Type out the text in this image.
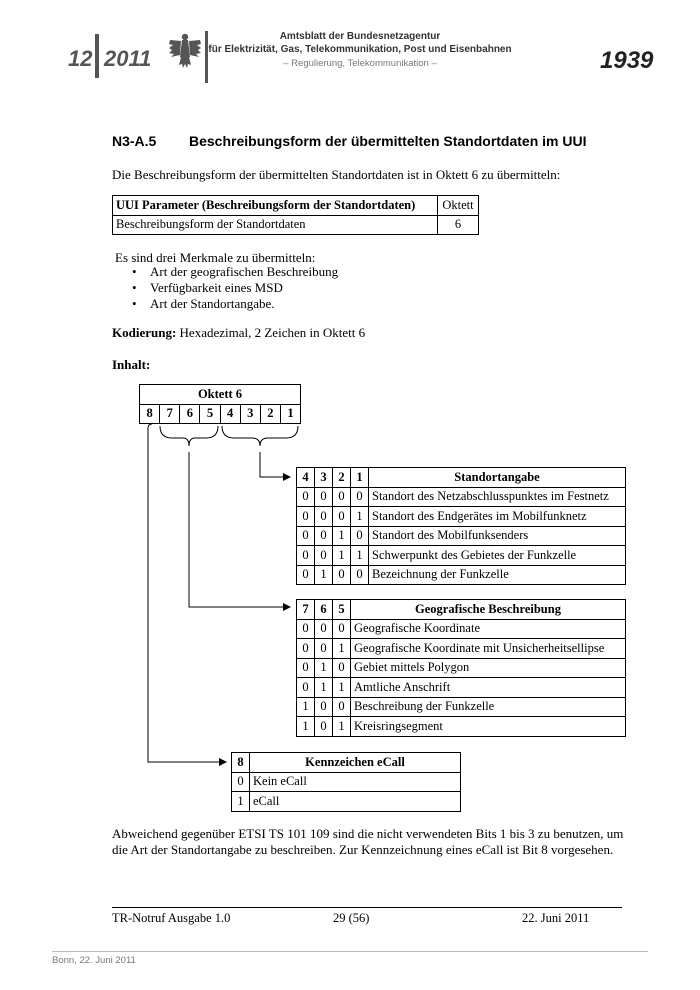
12 2011
Amtsblatt der Bundesnetzagentur
für Elektrizität, Gas, Telekommunikation, Post und Eisenbahnen
– Regulierung, Telekommunikation –	1939
N3-A.5 Beschreibungsform der übermittelten Standortdaten im UUI
Die Beschreibungsform der übermittelten Standortdaten ist in Oktett 6 zu übermitteln:
UUI Parameter (Beschreibungsform der Standortdaten)	Oktett
Beschreibungsform der Standortdaten	6
Es sind drei Merkmale zu übermitteln:
• Art der geografischen Beschreibung
• Verfügbarkeit eines MSD
• Art der Standortangabe.
Kodierung: Hexadezimal, 2 Zeichen in Oktett 6
Inhalt:
Oktett 6
8	7	6	5	4	3	2	1
4	3	2	1	Standortangabe
0	0	0	0	Standort des Netzabschlusspunktes im Festnetz
0	0	0	1	Standort des Endgerätes im Mobilfunknetz
0	0	1	0	Standort des Mobilfunksenders
0	0	1	1	Schwerpunkt des Gebietes der Funkzelle
0	1	0	0	Bezeichnung der Funkzelle
7	6	5	Geografische Beschreibung
0	0	0	Geografische Koordinate
0	0	1	Geografische Koordinate mit Unsicherheitsellipse
0	1	0	Gebiet mittels Polygon
0	1	1	Amtliche Anschrift
1	0	0	Beschreibung der Funkzelle
1	0	1	Kreisringsegment
8	Kennzeichen eCall
0	Kein eCall
1	eCall
Abweichend gegenüber ETSI TS 101 109 sind die nicht verwendeten Bits 1 bis 3 zu benutzen, um
die Art der Standortangabe zu beschreiben. Zur Kennzeichnung eines eCall ist Bit 8 vorgesehen.
TR-Notruf Ausgabe 1.0	29 (56)	22. Juni 2011
Bonn, 22. Juni 2011
